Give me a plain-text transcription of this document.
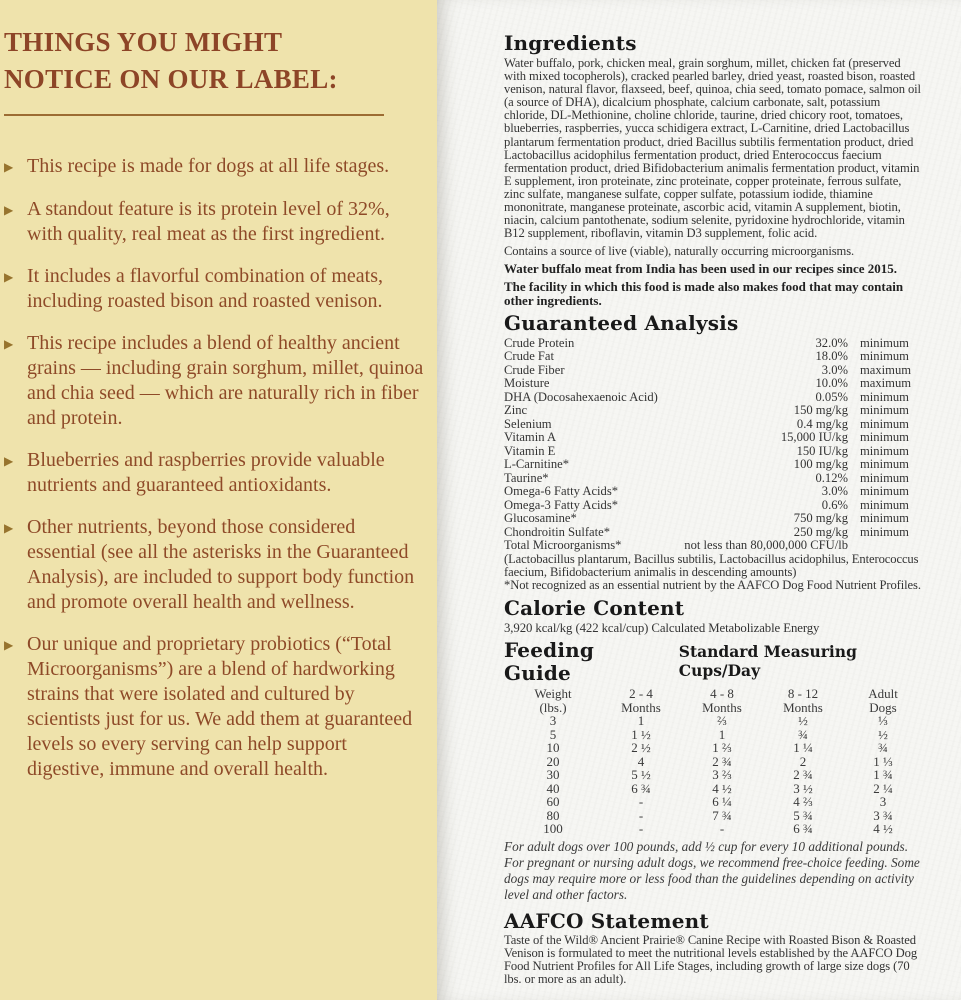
THINGS YOU MIGHT
NOTICE ON OUR LABEL:
▶ This recipe is made for dogs at all life stages.
▶ A standout feature is its protein level of 32%, with quality, real meat as the first ingredient.
▶ It includes a flavorful combination of meats, including roasted bison and roasted venison.
▶ This recipe includes a blend of healthy ancient grains — including grain sorghum, millet, quinoa and chia seed — which are naturally rich in fiber and protein.
▶ Blueberries and raspberries provide valuable nutrients and guaranteed antioxidants.
▶ Other nutrients, beyond those considered essential (see all the asterisks in the Guaranteed Analysis), are included to support body function and promote overall health and wellness.
▶ Our unique and proprietary probiotics (“Total Microorganisms”) are a blend of hardworking strains that were isolated and cultured by scientists just for us. We add them at guaranteed levels so every serving can help support digestive, immune and overall health.
Ingredients

Water buffalo, pork, chicken meal, grain sorghum, millet, chicken fat (preserved with mixed tocopherols), cracked pearled barley, dried yeast, roasted bison, roasted venison, natural flavor, flaxseed, beef, quinoa, chia seed, tomato pomace, salmon oil (a source of DHA), dicalcium phosphate, calcium carbonate, salt, potassium chloride, DL-Methionine, choline chloride, taurine, dried chicory root, tomatoes, blueberries, raspberries, yucca schidigera extract, L-Carnitine, dried Lactobacillus plantarum fermentation product, dried Bacillus subtilis fermentation product, dried Lactobacillus acidophilus fermentation product, dried Enterococcus faecium fermentation product, dried Bifidobacterium animalis fermentation product, vitamin E supplement, iron proteinate, zinc proteinate, copper proteinate, ferrous sulfate, zinc sulfate, manganese sulfate, copper sulfate, potassium iodide, thiamine mononitrate, manganese proteinate, ascorbic acid, vitamin A supplement, biotin, niacin, calcium pantothenate, sodium selenite, pyridoxine hydrochloride, vitamin B12 supplement, riboflavin, vitamin D3 supplement, folic acid.

Contains a source of live (viable), naturally occurring microorganisms.

Water buffalo meat from India has been used in our recipes since 2015.

The facility in which this food is made also makes food that may contain other ingredients.

Guaranteed Analysis
Crude Protein	32.0% minimum
Crude Fat	18.0% minimum
Crude Fiber	3.0% maximum
Moisture	10.0% maximum
DHA (Docosahexaenoic Acid)	0.05% minimum
Zinc	150 mg/kg minimum
Selenium	0.4 mg/kg minimum
Vitamin A	15,000 IU/kg minimum
Vitamin E	150 IU/kg minimum
L-Carnitine*	100 mg/kg minimum
Taurine*	0.12% minimum
Omega-6 Fatty Acids*	3.0% minimum
Omega-3 Fatty Acids*	0.6% minimum
Glucosamine*	750 mg/kg minimum
Chondroitin Sulfate*	250 mg/kg minimum
Total Microorganisms*	not less than 80,000,000 CFU/lb

(Lactobacillus plantarum, Bacillus subtilis, Lactobacillus acidophilus, Enterococcus faecium, Bifidobacterium animalis in descending amounts)

*Not recognized as an essential nutrient by the AAFCO Dog Food Nutrient Profiles.

Calorie Content

3,920 kcal/kg (422 kcal/cup) Calculated Metabolizable Energy

Feeding Guide
Standard Measuring Cups/Day
Weight	2 - 4	4 - 8	8 - 12	Adult
(lbs.)	Months	Months	Months	Dogs
3	1	⅔	½	⅓
5	1 ½	1	¾	½
10	2 ½	1 ⅔	1 ¼	¾
20	4	2 ¾	2	1 ⅓
30	5 ½	3 ⅔	2 ¾	1 ¾
40	6 ¾	4 ½	3 ½	2 ¼
60	-	6 ¼	4 ⅔	3
80	-	7 ¾	5 ¾	3 ¾
100	-	-	6 ¾	4 ½

For adult dogs over 100 pounds, add ½ cup for every 10 additional pounds.

For pregnant or nursing adult dogs, we recommend free-choice feeding. Some dogs may require more or less food than the guidelines depending on activity level and other factors.

AAFCO Statement

Taste of the Wild® Ancient Prairie® Canine Recipe with Roasted Bison & Roasted Venison is formulated to meet the nutritional levels established by the AAFCO Dog Food Nutrient Profiles for All Life Stages, including growth of large size dogs (70 lbs. or more as an adult).
